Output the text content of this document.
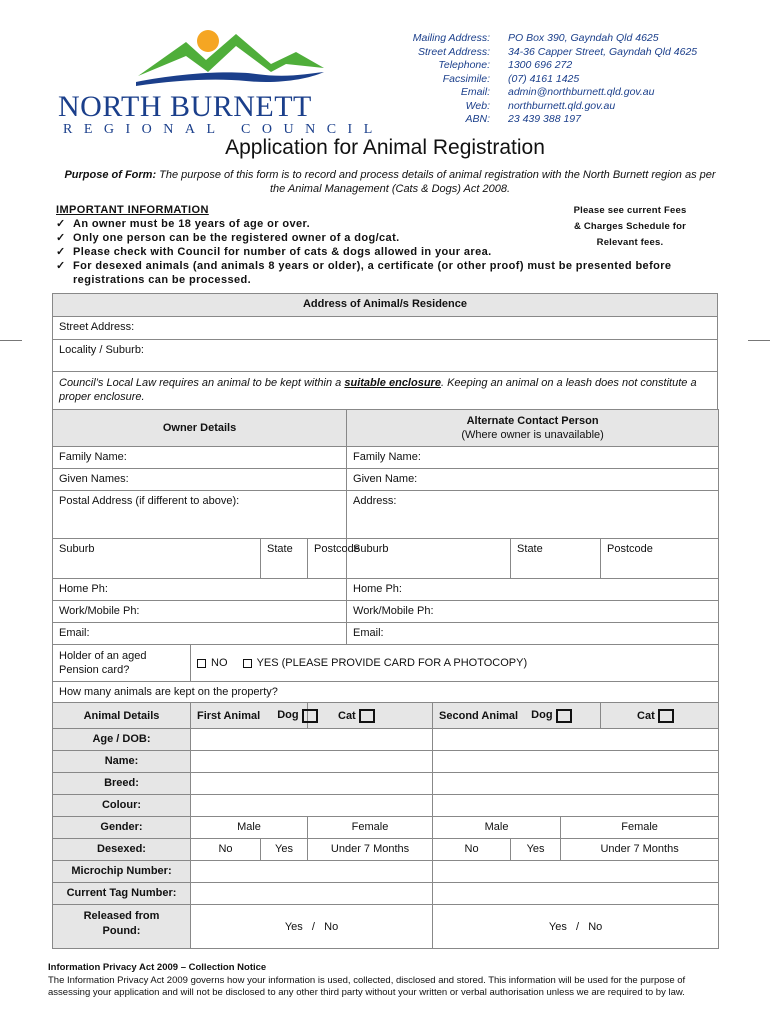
NORTH BURNETT
REGIONAL COUNCIL
Mailing Address:	PO Box 390, Gayndah Qld 4625
Street Address:	34-36 Capper Street, Gayndah Qld 4625
Telephone:	1300 696 272
Facsimile:	(07) 4161 1425
Email:	admin@northburnett.qld.gov.au
Web:	northburnett.qld.gov.au
ABN:	23 439 388 197
Application for Animal Registration
Purpose of Form: The purpose of this form is to record and process details of animal registration with the North Burnett region as per the Animal Management (Cats & Dogs) Act 2008.
IMPORTANT INFORMATION
✓ An owner must be 18 years of age or over.
✓ Only one person can be the registered owner of a dog/cat.
✓ Please check with Council for number of cats & dogs allowed in your area.
✓ For desexed animals (and animals 8 years or older), a certificate (or other proof) must be presented before registrations can be processed.
Please see current Fees
& Charges Schedule for
Relevant fees.
Address of Animal/s Residence
Street Address:
Locality / Suburb:
Council’s Local Law requires an animal to be kept within a suitable enclosure. Keeping an animal on a leash does not constitute a proper enclosure.
Owner Details				Alternate Contact Person
(Where owner is unavailable)				

Family Name:				Family Name:				
Given Names:				Given Name:				
Postal Address (if different to above):				Address:				
Suburb		State	Postcode	Suburb		State		Postcode
Home Ph:				Home Ph:				
Work/Mobile Ph:				Work/Mobile Ph:				
Email:				Email:				

Holder of an aged
Pension card?	NO YES (PLEASE PROVIDE CARD FOR A PHOTOCOPY)							
How many animals are kept on the property?								
Animal Details	First Animal Dog		Cat		Second Animal Dog			Cat
Age / DOB:								
Name:								
Breed:								
Colour:								
Gender:	Male		Female		Male		Female	
Desexed:	No	Yes	Under 7 Months		No	Yes	Under 7 Months	
Microchip Number:								
Current Tag Number:								

Released from
Pound:	Yes   /   No				Yes   /   No			
Information Privacy Act 2009 – Collection Notice
The Information Privacy Act 2009 governs how your information is used, collected, disclosed and stored. This information will be used for the purpose of assessing your application and will not be disclosed to any other third party without your written or verbal authorisation unless we are required to by law.
